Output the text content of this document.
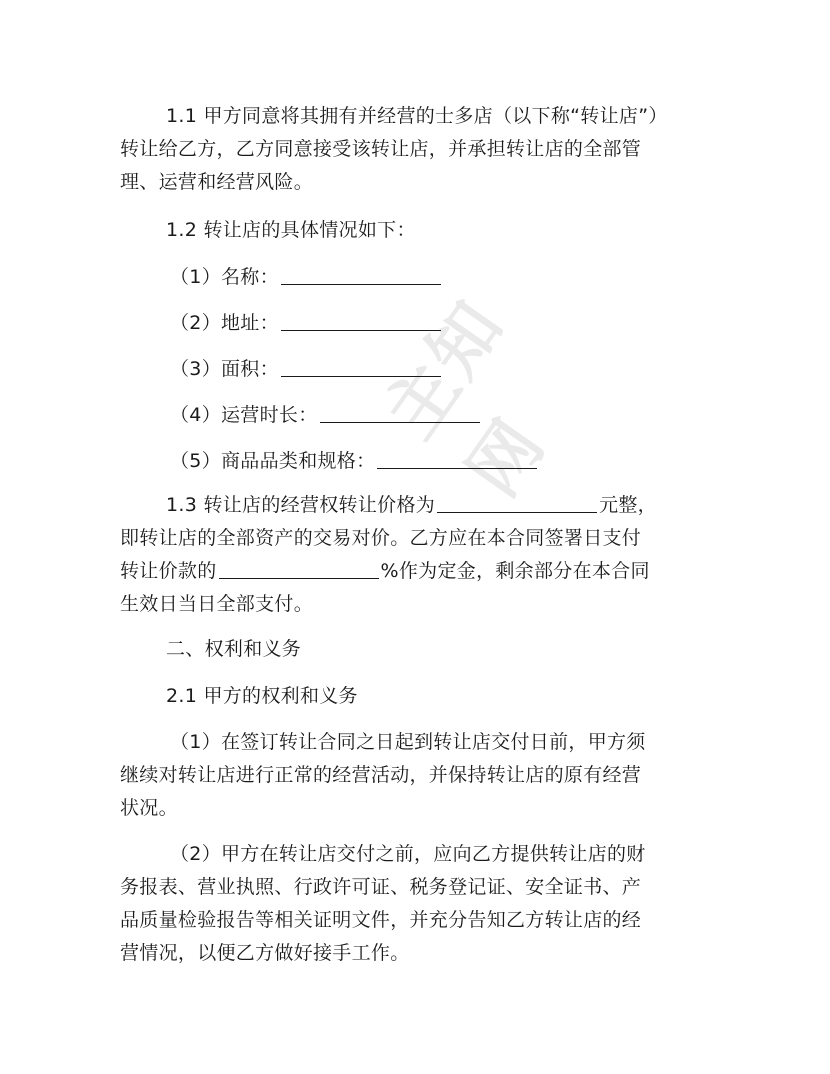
主知网
1.1 甲方同意将其拥有并经营的士多店（以下称“转让店”）
转让给乙方，乙方同意接受该转让店，并承担转让店的全部管
理、运营和经营风险。
1.2 转让店的具体情况如下：
（1）名称：
（2）地址：
（3）面积：
（4）运营时长：
（5）商品品类和规格：
1.3 转让店的经营权转让价格为	元整，
即转让店的全部资产的交易对价。乙方应在本合同签署日支付
转让价款的	%作为定金，剩余部分在本合同
生效日当日全部支付。
二、权利和义务
2.1 甲方的权利和义务
（1）在签订转让合同之日起到转让店交付日前，甲方须
继续对转让店进行正常的经营活动，并保持转让店的原有经营
状况。
（2）甲方在转让店交付之前，应向乙方提供转让店的财
务报表、营业执照、行政许可证、税务登记证、安全证书、产
品质量检验报告等相关证明文件，并充分告知乙方转让店的经
营情况，以便乙方做好接手工作。
